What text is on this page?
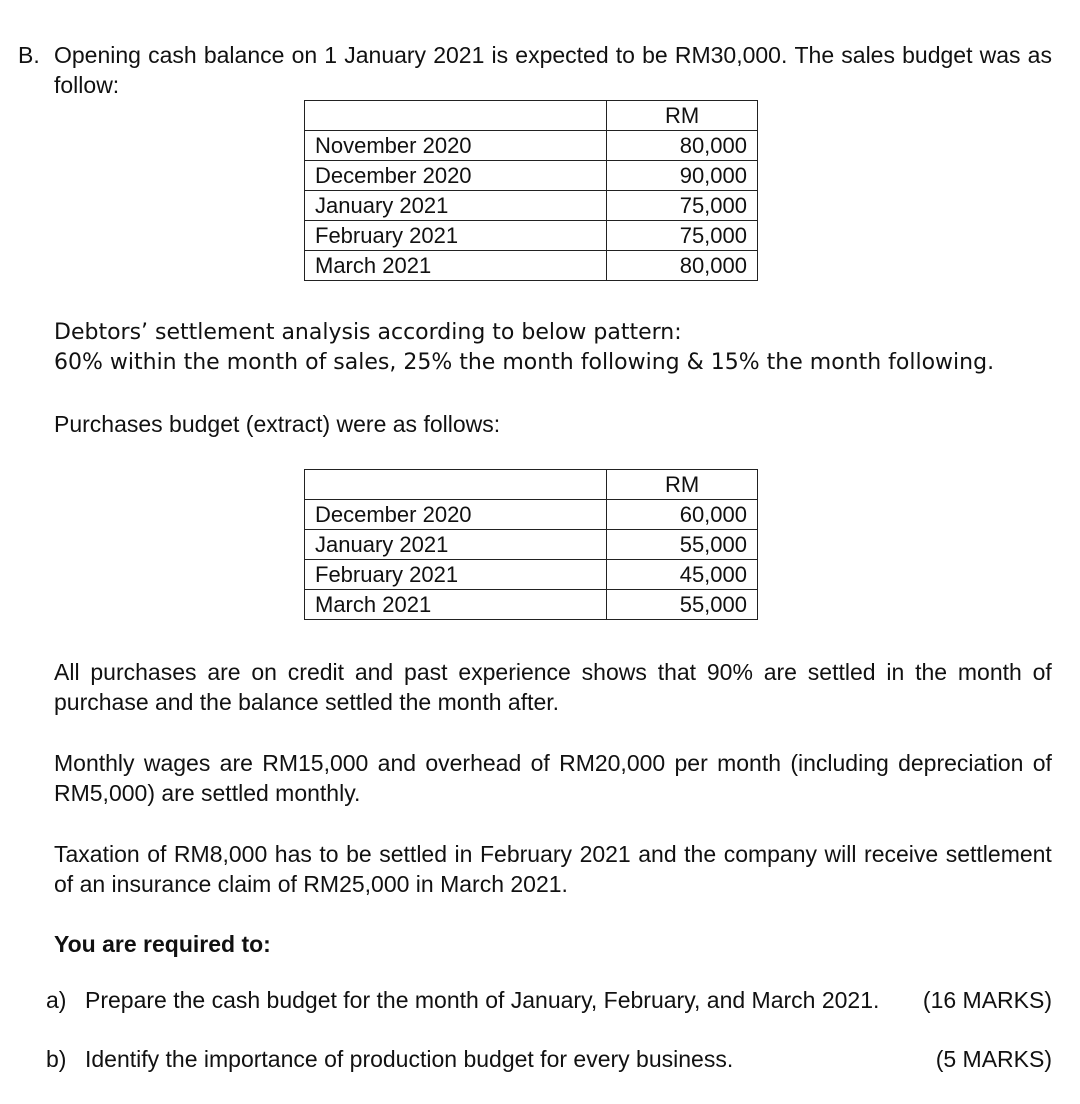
B. Opening cash balance on 1 January 2021 is expected to be RM30,000. The sales budget was as
follow:
	RM
November 2020	80,000
December 2020	90,000
January 2021	75,000
February 2021	75,000
March 2021	80,000
Debtors’ settlement analysis according to below pattern:
60% within the month of sales, 25% the month following & 15% the month following.
Purchases budget (extract) were as follows:
	RM
December 2020	60,000
January 2021	55,000
February 2021	45,000
March 2021	55,000
All purchases are on credit and past experience shows that 90% are settled in the month of
purchase and the balance settled the month after.
Monthly wages are RM15,000 and overhead of RM20,000 per month (including depreciation of
RM5,000) are settled monthly.
Taxation of RM8,000 has to be settled in February 2021 and the company will receive settlement
of an insurance claim of RM25,000 in March 2021.
You are required to:
a) Prepare the cash budget for the month of January, February, and March 2021. (16 MARKS)
b) Identify the importance of production budget for every business.	(5 MARKS)
